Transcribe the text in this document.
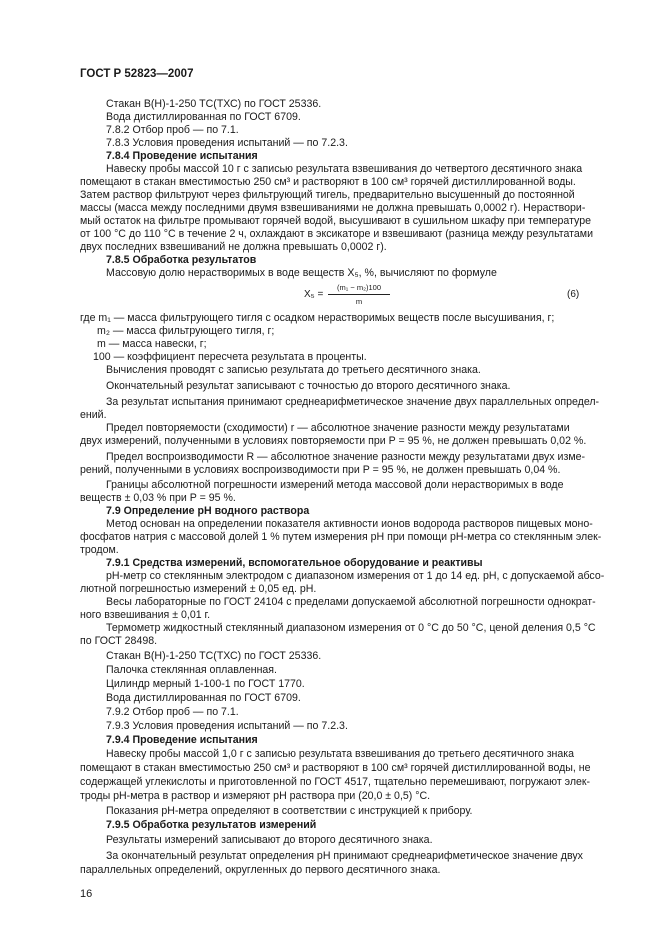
ГОСТ Р 52823—2007
Стакан В(Н)-1-250 ТС(ТХС) по ГОСТ 25336.
Вода дистиллированная по ГОСТ 6709.
7.8.2 Отбор проб — по 7.1.
7.8.3 Условия проведения испытаний — по 7.2.3.
7.8.4 Проведение испытания
Навеску пробы массой 10 г с записью результата взвешивания до четвертого десятичного знака
помещают в стакан вместимостью 250 см³ и растворяют в 100 см³ горячей дистиллированной воды.
Затем раствор фильтруют через фильтрующий тигель, предварительно высушенный до постоянной
массы (масса между последними двумя взвешиваниями не должна превышать 0,0002 г). Нераствори-
мый остаток на фильтре промывают горячей водой, высушивают в сушильном шкафу при температуре
от 100 °С до 110 °С в течение 2 ч, охлаждают в эксикаторе и взвешивают (разница между результатами
двух последних взвешиваний не должна превышать 0,0002 г).
7.8.5 Обработка результатов
Массовую долю нерастворимых в воде веществ X₅, %, вычисляют по формуле
X₅ =
(m₁ − m₂)100
m
(6)
где m₁ — масса фильтрующего тигля с осадком нерастворимых веществ после высушивания, г;
m₂ — масса фильтрующего тигля, г;
m — масса навески, г;
100 — коэффициент пересчета результата в проценты.
Вычисления проводят с записью результата до третьего десятичного знака.
Окончательный результат записывают с точностью до второго десятичного знака.
За результат испытания принимают среднеарифметическое значение двух параллельных определ-
ений.
Предел повторяемости (сходимости) r — абсолютное значение разности между результатами
двух измерений, полученными в условиях повторяемости при P = 95 %, не должен превышать 0,02 %.
Предел воспроизводимости R — абсолютное значение разности между результатами двух изме-
рений, полученными в условиях воспроизводимости при P = 95 %, не должен превышать 0,04 %.
Границы абсолютной погрешности измерений метода массовой доли нерастворимых в воде
веществ ± 0,03 % при P = 95 %.
7.9 Определение рН водного раствора
Метод основан на определении показателя активности ионов водорода растворов пищевых моно-
фосфатов натрия с массовой долей 1 % путем измерения рН при помощи рН-метра со стеклянным элек-
тродом.
7.9.1 Средства измерений, вспомогательное оборудование и реактивы
рН-метр со стеклянным электродом с диапазоном измерения от 1 до 14 ед. рН, с допускаемой абсо-
лютной погрешностью измерений ± 0,05 ед. рН.
Весы лабораторные по ГОСТ 24104 с пределами допускаемой абсолютной погрешности однократ-
ного взвешивания ± 0,01 г.
Термометр жидкостный стеклянный диапазоном измерения от 0 °С до 50 °С, ценой деления 0,5 °С
по ГОСТ 28498.
Стакан В(Н)-1-250 ТС(ТХС) по ГОСТ 25336.
Палочка стеклянная оплавленная.
Цилиндр мерный 1-100-1 по ГОСТ 1770.
Вода дистиллированная по ГОСТ 6709.
7.9.2 Отбор проб — по 7.1.
7.9.3 Условия проведения испытаний — по 7.2.3.
7.9.4 Проведение испытания
Навеску пробы массой 1,0 г с записью результата взвешивания до третьего десятичного знака
помещают в стакан вместимостью 250 см³ и растворяют в 100 см³ горячей дистиллированной воды, не
содержащей углекислоты и приготовленной по ГОСТ 4517, тщательно перемешивают, погружают элек-
троды рН-метра в раствор и измеряют рН раствора при (20,0 ± 0,5) °С.
Показания рН-метра определяют в соответствии с инструкцией к прибору.
7.9.5 Обработка результатов измерений
Результаты измерений записывают до второго десятичного знака.
За окончательный результат определения рН принимают среднеарифметическое значение двух
параллельных определений, округленных до первого десятичного знака.
16
